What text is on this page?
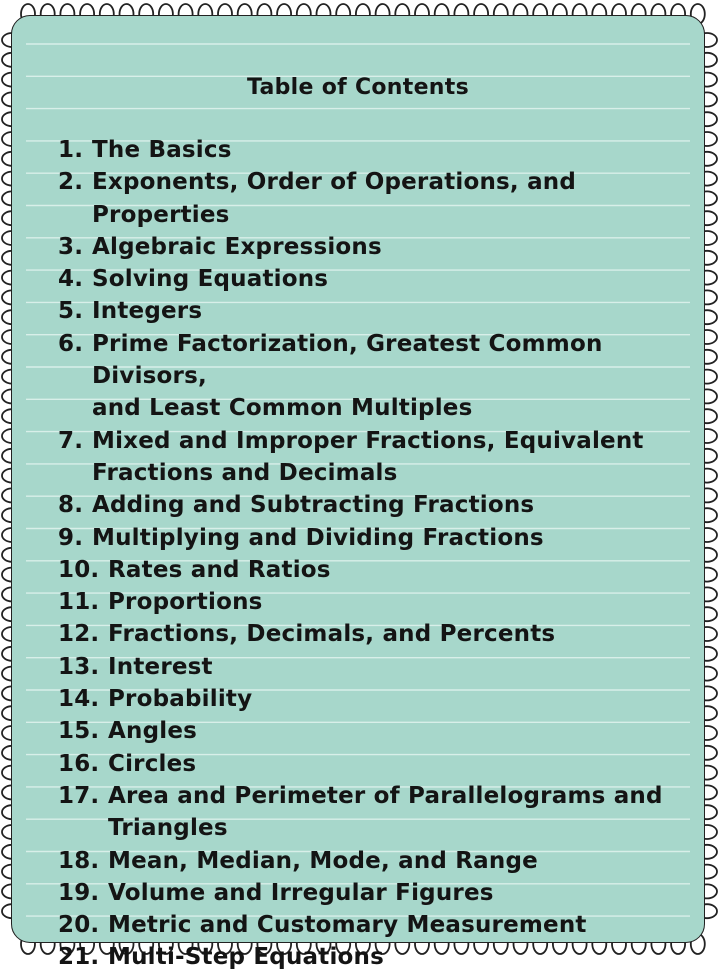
Table of Contents
1. The Basics
2. Exponents, Order of Operations, and Properties
3. Algebraic Expressions
4. Solving Equations
5. Integers
6. Prime Factorization, Greatest Common Divisors,
and Least Common Multiples
7. Mixed and Improper Fractions, Equivalent
Fractions and Decimals
8. Adding and Subtracting Fractions
9. Multiplying and Dividing Fractions
10. Rates and Ratios
11. Proportions
12. Fractions, Decimals, and Percents
13. Interest
14. Probability
15. Angles
16. Circles
17. Area and Perimeter of Parallelograms and
Triangles
18. Mean, Median, Mode, and Range
19. Volume and Irregular Figures
20. Metric and Customary Measurement
21. Multi-Step Equations
